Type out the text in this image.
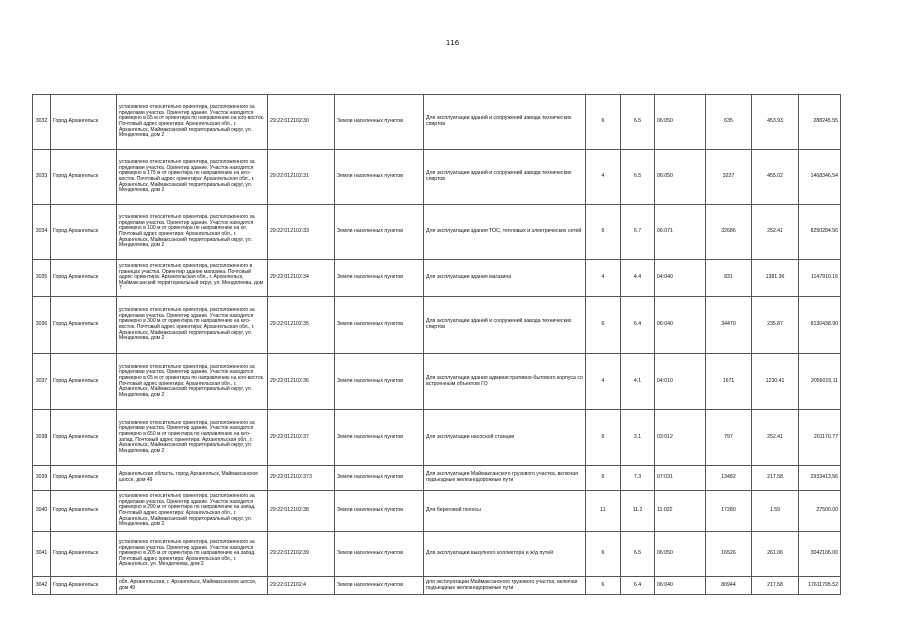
116
3032	Город Архангельск	установлено относительно ориентира, расположенного за пределами участка. Ориентир здание. Участок находится примерно в 65 м от ориентира по направлению на юго-восток. Почтовый адрес ориентира: Архангельская обл., г. Архангельск, Маймаксанский территориальный округ, ул. Менделеева, дом 2	29:22:012102:30	Земли населенных пунктов	Для эксплуатации зданий и сооружений завода технических спиртов	6	6.5	06:050	635	453.93	288245.55
3033	Город Архангельск	установлено относительно ориентира, расположенного за пределами участка. Ориентир здание. Участок находится примерно в 175 м от ориентира по направлению на юго-восток. Почтовый адрес ориентира: Архангельская обл., г. Архангельск, Маймаксанский территориальный округ, ул. Менделеева, дом 2	29:22:012102:31	Земли населенных пунктов	Для эксплуатации зданий и сооружений завода технических спиртов	4	6.5	06:050	3227	455.02	1468346,54
3034	Город Архангельск	установлено относительно ориентира, расположенного за пределами участка. Ориентир здание. Участок находится примерно в 100 м от ориентира по направлению на юг. Почтовый адрес ориентира: Архангельская обл., г. Архангельск, Маймаксанский территориальный округ, ул. Менделеева, дом 2	29:22:012102:33	Земли населенных пунктов	Для эксплуатации здания ТОС, тепловых и электрических сетей	6	6.7	06:071	32686	252.41	8250284.56
3035	Город Архангельск	установлено относительно ориентира, расположенного в границах участка. Ориентир здание магазина. Почтовый адрес ориентира: Архангельская обл., г. Архангельск, Маймаксанский территориальный округ, ул. Менделеева, дом 7	29:22:012102:34	Земли населенных пунктов	Для эксплуатации здания магазина	4	4.4	04:040	831	1381.36	1147910.16
3036	Город Архангельск	установлено относительно ориентира, расположенного за пределами участка. Ориентир здание. Участок находится примерно в 300 м от ориентира по направлению на юго-восток. Почтовый адрес ориентира: Архангельская обл., г. Архангельск, Маймаксанский территориальный округ, ул. Менделеева, дом 2	29:22:012102:35	Земли населенных пунктов	Для эксплуатации зданий и сооружений завода технических спиртов	6	6.4	06:040	34470	235.87	8130438.90
3037	Город Архангельск	установлено относительно ориентира, расположенного за пределами участка. Ориентир здание. Участок находится примерно в 65 м от ориентира по направлению на юго-восток. Почтовый адрес ориентира: Архангельская обл., г. Архангельск, Маймаксанский территориальный округ, ул. Менделеева, дом 2	29:22:012102:36	Земли населенных пунктов	Для эксплуатации здания административно-бытового корпуса со встроенным объектом ГО	4	4.1	04:010	1671	1230.41	2056015,11
3038	Город Архангельск	установлено относительно ориентира, расположенного за пределами участка. Ориентир здание. Участок находится примерно в 650 м от ориентира по направлению на юго-запад. Почтовый адрес ориентира: Архангельская обл., г. Архангельск, Маймаксанский территориальный округ, ул. Менделеева, дом 2	29:22:012102:37	Земли населенных пунктов	Для эксплуатации насосной станции	6	3.1	03:012	797	252.41	201170.77
3039	Город Архангельск	Архангельская область, город Архангельск, Маймаксанское шоссе, дом 49	29:22:012102:373	Земли населенных пунктов	Для эксплуатации Маймаксанского грузового участка, включая подъездные железнодорожные пути	6	7.3	07:031	13482	217.58	2933413,56
3040	Город Архангельск	установлено относительно ориентира, расположенного за пределами участка. Ориентир здание. Участок находится примерно в 290 м от ориентира по направлению на запад. Почтовый адрес ориентира: Архангельская обл., г. Архангельск, Маймаксанский территориальный округ, ул. Менделеева, дом 2	29:22:012102:38	Земли населенных пунктов	Для береговой полосы	11	11.2	11:022	17280	1.59	27500.00
3041	Город Архангельск	установлено относительно ориентира, расположенного за пределами участка. Ориентир здание. Участок находится примерно в 205 м от ориентира по направлению на запад. Почтовый адрес ориентира: Архангельская обл., г. Архангельск, ул. Менделеева, дом 2	29:22:012102:39	Земли населенных пунктов	Для эксплуатации выкупного коллектора и ж/д путей	6	6.5	06:050	16526	261.06	3042106.00
3042	Город Архангельск	обл. Архангельская, г. Архангельск, Маймаксанское шоссе, дом 49	29:22:012102:4	Земли населенных пунктов	для эксплуатации Маймаксанского грузового участка, включая подъездные железнодорожные пути	6	6.4	06:040	80944	217.58	17611795.52
